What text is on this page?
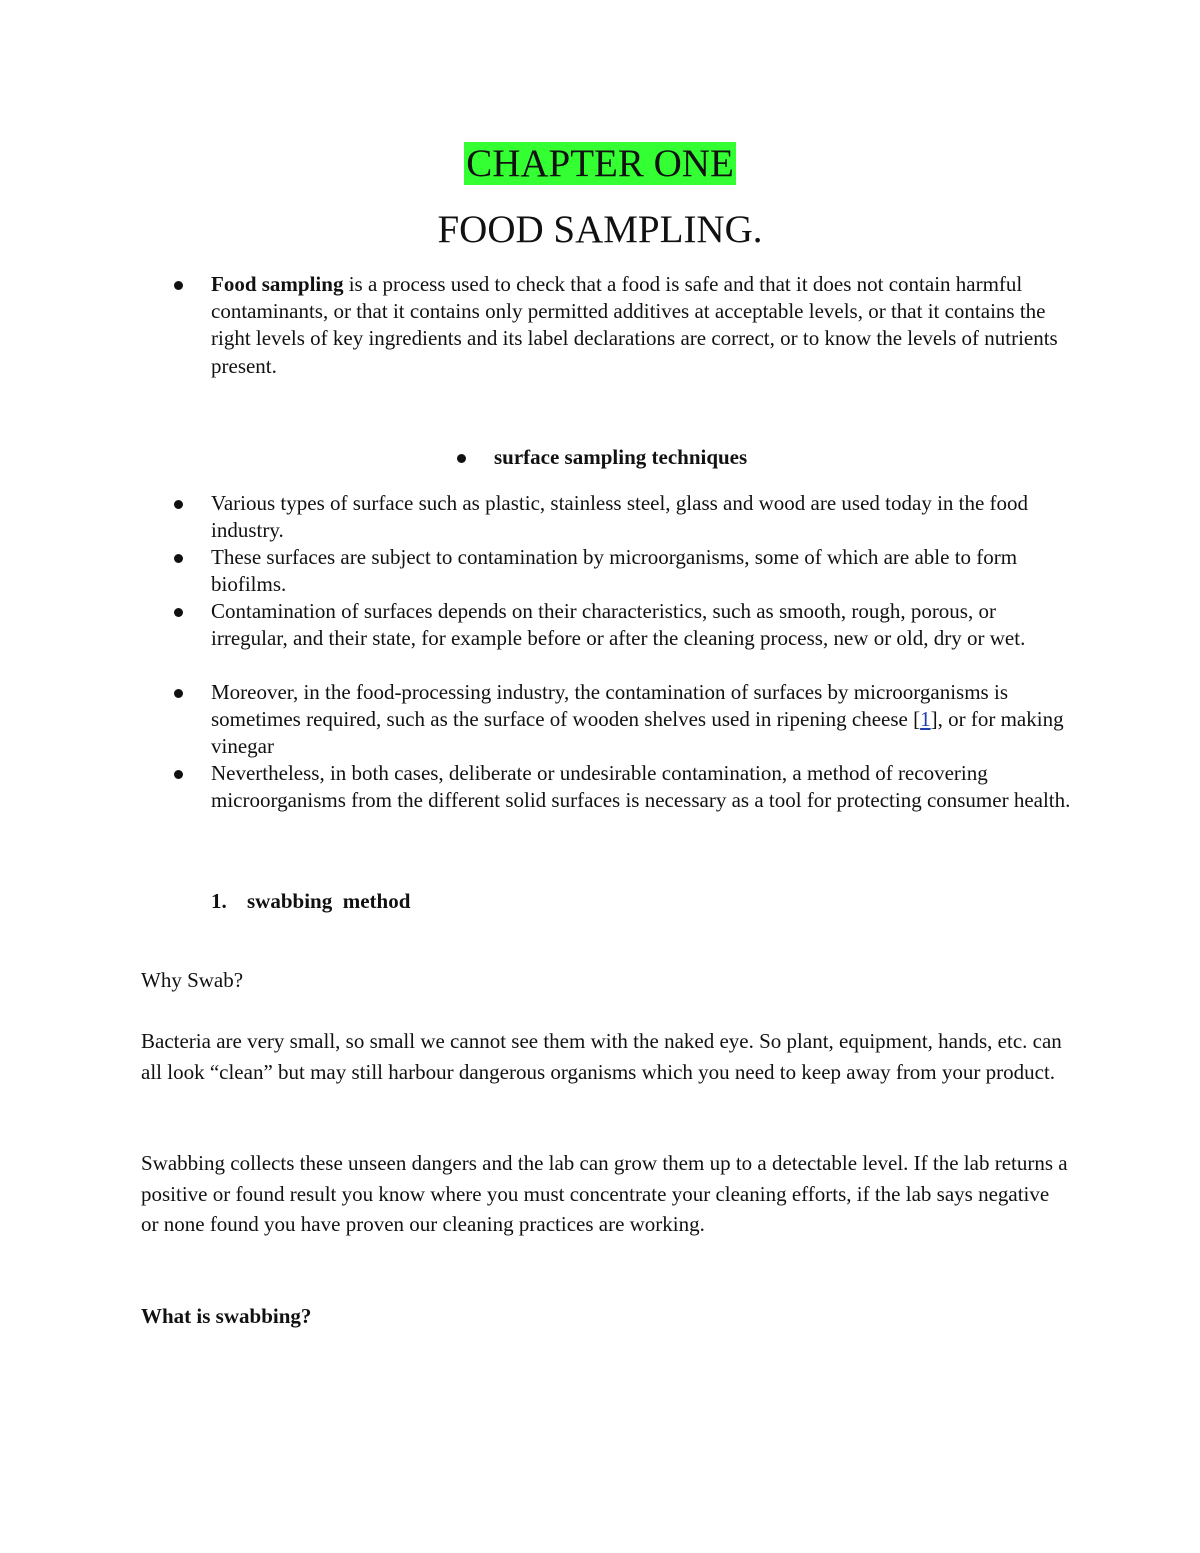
CHAPTER ONE
FOOD SAMPLING.
Food sampling is a process used to check that a food is safe and that it does not contain harmful contaminants, or that it contains only permitted additives at acceptable levels, or that it contains the right levels of key ingredients and its label declarations are correct, or to know the levels of nutrients present.
surface sampling techniques
Various types of surface such as plastic, stainless steel, glass and wood are used today in the food industry.
These surfaces are subject to contamination by microorganisms, some of which are able to form biofilms.
Contamination of surfaces depends on their characteristics, such as smooth, rough, porous, or irregular, and their state, for example before or after the cleaning process, new or old, dry or wet.
Moreover, in the food-processing industry, the contamination of surfaces by microorganisms is sometimes required, such as the surface of wooden shelves used in ripening cheese [1], or for making vinegar
Nevertheless, in both cases, deliberate or undesirable contamination, a method of recovering microorganisms from the different solid surfaces is necessary as a tool for protecting consumer health.
1. swabbing  method
Why Swab?
Bacteria are very small, so small we cannot see them with the naked eye. So plant, equipment, hands, etc. can all look “clean” but may still harbour dangerous organisms which you need to keep away from your product.
Swabbing collects these unseen dangers and the lab can grow them up to a detectable level. If the lab returns a positive or found result you know where you must concentrate your cleaning efforts, if the lab says negative or none found you have proven our cleaning practices are working.
What is swabbing?
